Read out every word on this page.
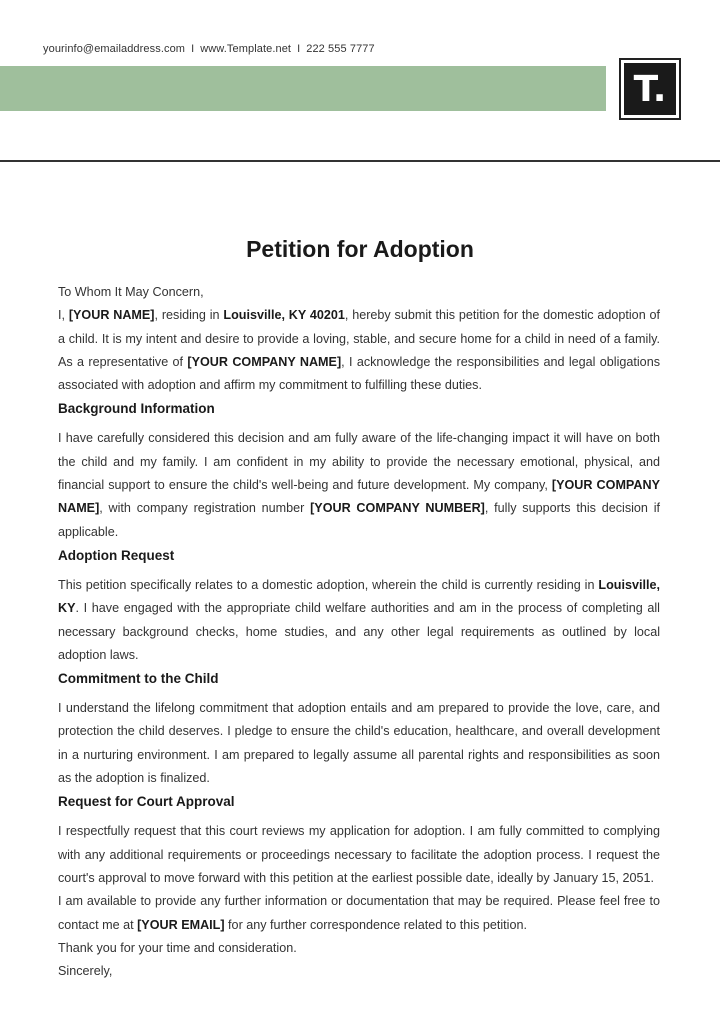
yourinfo@emailaddress.com I www.Template.net I 222 555 7777
T.
Petition for Adoption

To Whom It May Concern,

I, [YOUR NAME], residing in Louisville, KY 40201, hereby submit this petition for the domestic adoption of a child. It is my intent and desire to provide a loving, stable, and secure home for a child in need of a family. As a representative of [YOUR COMPANY NAME], I acknowledge the responsibilities and legal obligations associated with adoption and affirm my commitment to fulfilling these duties.

Background Information

I have carefully considered this decision and am fully aware of the life-changing impact it will have on both the child and my family. I am confident in my ability to provide the necessary emotional, physical, and financial support to ensure the child's well-being and future development. My company, [YOUR COMPANY NAME], with company registration number [YOUR COMPANY NUMBER], fully supports this decision if applicable.

Adoption Request

This petition specifically relates to a domestic adoption, wherein the child is currently residing in Louisville, KY. I have engaged with the appropriate child welfare authorities and am in the process of completing all necessary background checks, home studies, and any other legal requirements as outlined by local adoption laws.

Commitment to the Child

I understand the lifelong commitment that adoption entails and am prepared to provide the love, care, and protection the child deserves. I pledge to ensure the child's education, healthcare, and overall development in a nurturing environment. I am prepared to legally assume all parental rights and responsibilities as soon as the adoption is finalized.

Request for Court Approval

I respectfully request that this court reviews my application for adoption. I am fully committed to complying with any additional requirements or proceedings necessary to facilitate the adoption process. I request the court's approval to move forward with this petition at the earliest possible date, ideally by January 15, 2051.

I am available to provide any further information or documentation that may be required. Please feel free to contact me at [YOUR EMAIL] for any further correspondence related to this petition.

Thank you for your time and consideration.

Sincerely,
